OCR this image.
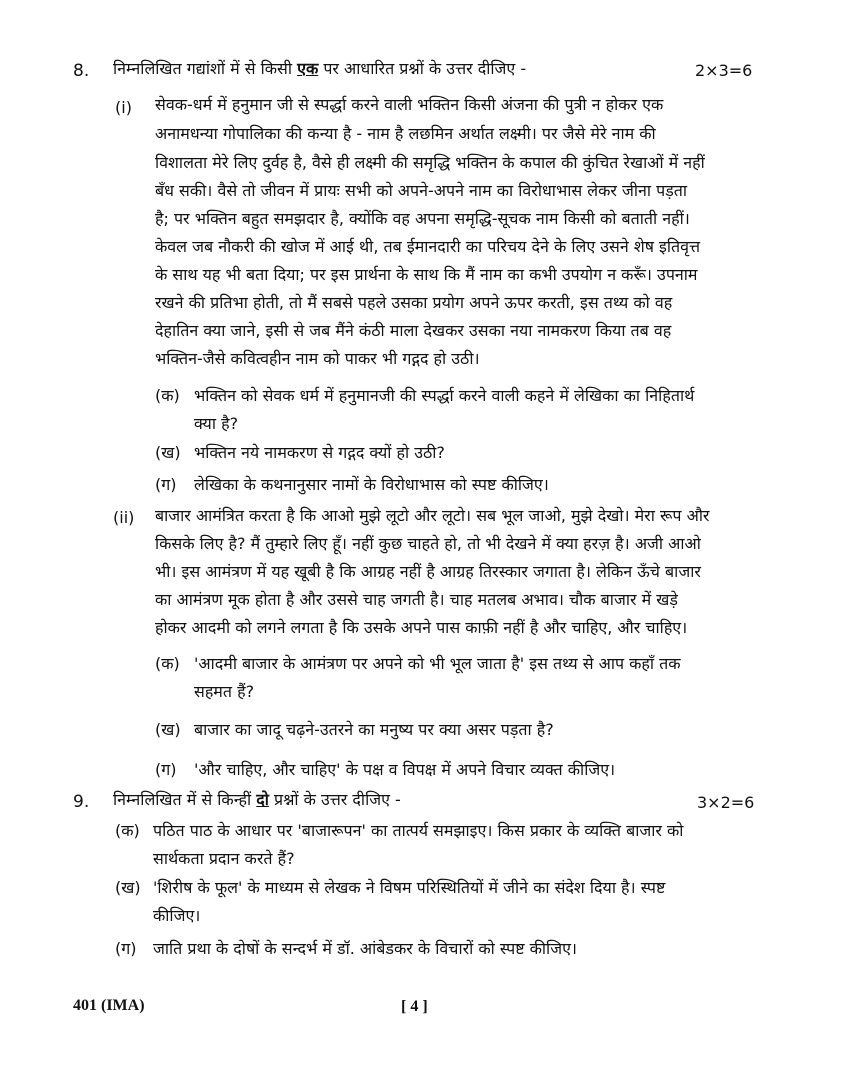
8. निम्नलिखित गद्यांशों में से किसी एक पर आधारित प्रश्नों के उत्तर दीजिए -	2×3=6
(i) सेवक-धर्म में हनुमान जी से स्पर्द्धा करने वाली भक्तिन किसी अंजना की पुत्री न होकर एक
अनामधन्या गोपालिका की कन्या है - नाम है लछमिन अर्थात लक्ष्मी। पर जैसे मेरे नाम की
विशालता मेरे लिए दुर्वह है, वैसे ही लक्ष्मी की समृद्धि भक्तिन के कपाल की कुंचित रेखाओं में नहीं
बँध सकी। वैसे तो जीवन में प्रायः सभी को अपने-अपने नाम का विरोधाभास लेकर जीना पड़ता
है; पर भक्तिन बहुत समझदार है, क्योंकि वह अपना समृद्धि-सूचक नाम किसी को बताती नहीं।
केवल जब नौकरी की खोज में आई थी, तब ईमानदारी का परिचय देने के लिए उसने शेष इतिवृत्त
के साथ यह भी बता दिया; पर इस प्रार्थना के साथ कि मैं नाम का कभी उपयोग न करूँ। उपनाम
रखने की प्रतिभा होती, तो मैं सबसे पहले उसका प्रयोग अपने ऊपर करती, इस तथ्य को वह
देहातिन क्या जाने, इसी से जब मैंने कंठी माला देखकर उसका नया नामकरण किया तब वह
भक्तिन-जैसे कवित्वहीन नाम को पाकर भी गद्गद हो उठी।
(क) भक्तिन को सेवक धर्म में हनुमानजी की स्पर्द्धा करने वाली कहने में लेखिका का निहितार्थ
क्या है?
(ख) भक्तिन नये नामकरण से गद्गद क्यों हो उठी?
(ग) लेखिका के कथनानुसार नामों के विरोधाभास को स्पष्ट कीजिए।
(ii) बाजार आमंत्रित करता है कि आओ मुझे लूटो और लूटो। सब भूल जाओ, मुझे देखो। मेरा रूप और
किसके लिए है? मैं तुम्हारे लिए हूँ। नहीं कुछ चाहते हो, तो भी देखने में क्या हरज़ है। अजी आओ
भी। इस आमंत्रण में यह खूबी है कि आग्रह नहीं है आग्रह तिरस्कार जगाता है। लेकिन ऊँचे बाजार
का आमंत्रण मूक होता है और उससे चाह जगती है। चाह मतलब अभाव। चौक बाजार में खड़े
होकर आदमी को लगने लगता है कि उसके अपने पास काफ़ी नहीं है और चाहिए, और चाहिए।
(क) 'आदमी बाजार के आमंत्रण पर अपने को भी भूल जाता है' इस तथ्य से आप कहाँ तक
सहमत हैं?
(ख) बाजार का जादू चढ़ने-उतरने का मनुष्य पर क्या असर पड़ता है?
(ग) 'और चाहिए, और चाहिए' के पक्ष व विपक्ष में अपने विचार व्यक्त कीजिए।
9. निम्नलिखित में से किन्हीं दो प्रश्नों के उत्तर दीजिए -	3×2=6
(क) पठित पाठ के आधार पर 'बाजारूपन' का तात्पर्य समझाइए। किस प्रकार के व्यक्ति बाजार को
सार्थकता प्रदान करते हैं?
(ख) 'शिरीष के फूल' के माध्यम से लेखक ने विषम परिस्थितियों में जीने का संदेश दिया है। स्पष्ट
कीजिए।
(ग) जाति प्रथा के दोषों के सन्दर्भ में डॉ. आंबेडकर के विचारों को स्पष्ट कीजिए।
401 (IMA)	[ 4 ]
